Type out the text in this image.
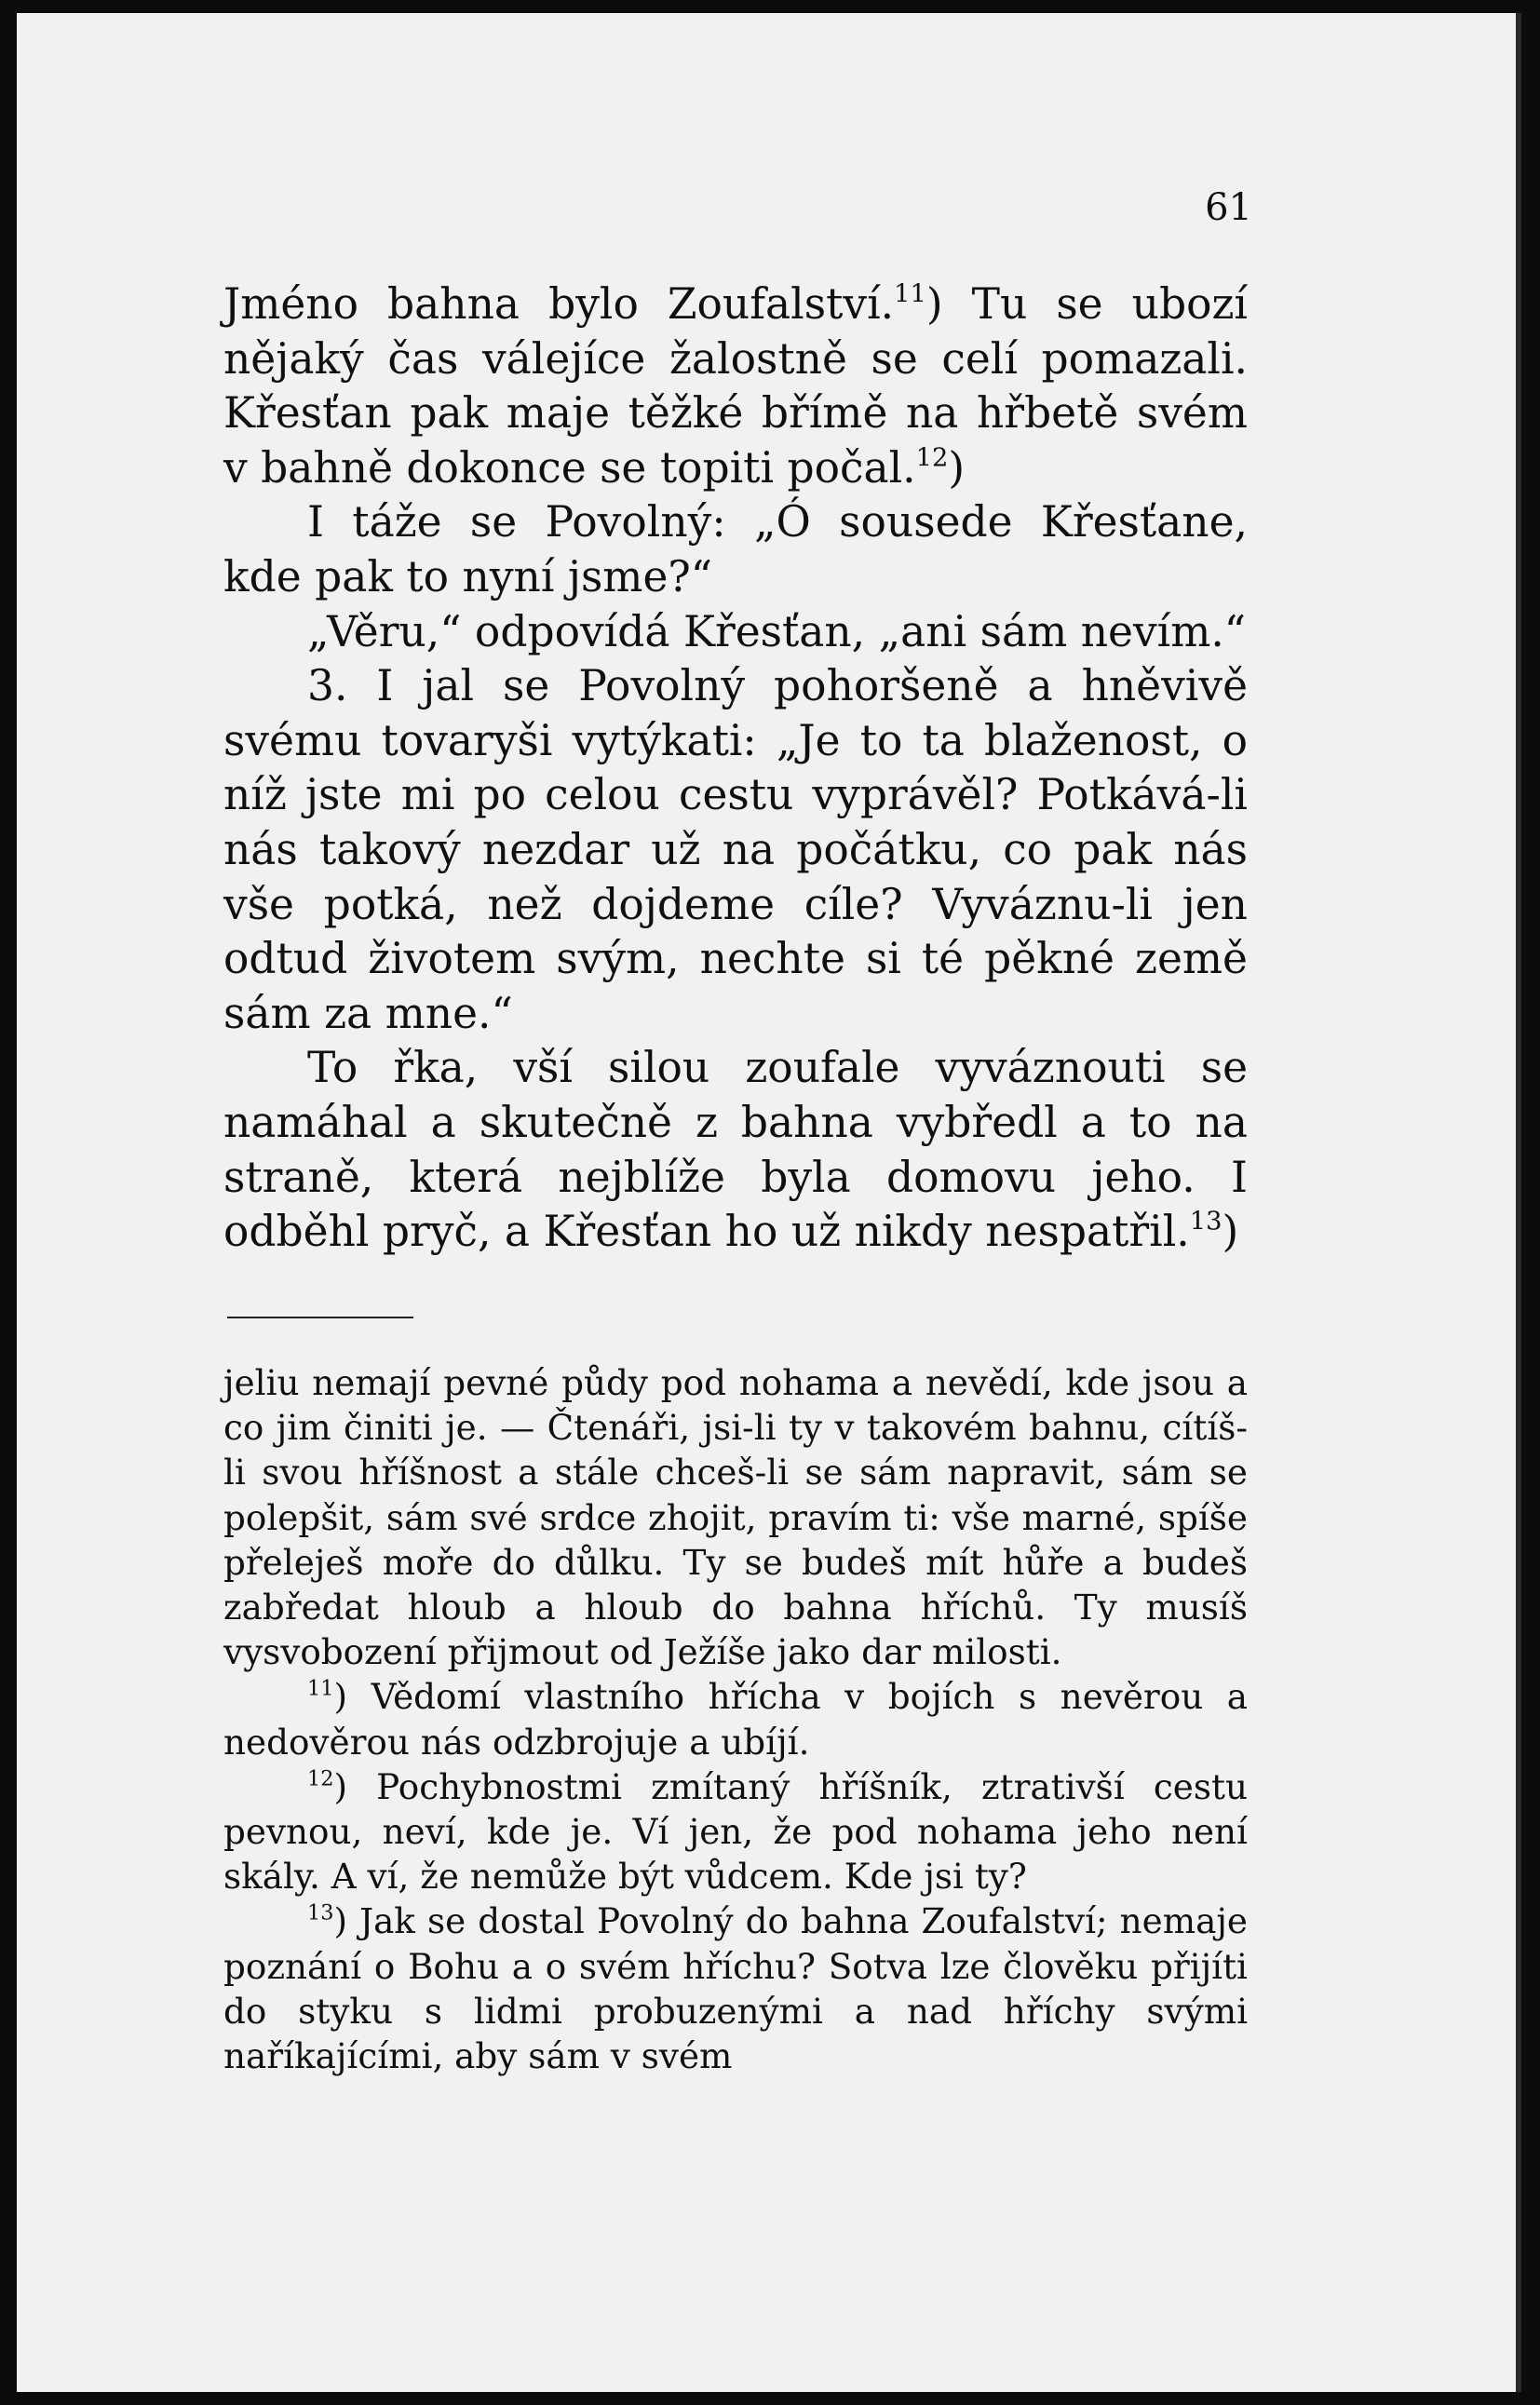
61

Jméno bahna bylo Zoufalství.$^{11}$) Tu se ubozí nějaký čas válejíce žalostně se celí pomazali. Křesťan pak maje těžké břímě na hřbetě svém v bahně dokonce se topiti počal.$^{12}$)

I táže se Povolný: „Ó sousede Křesťane, kde pak to nyní jsme?“

„Věru,“ odpovídá Křesťan, „ani sám nevím.“

3. I jal se Povolný pohoršeně a hněvivě svému tovaryši vytýkati: „Je to ta blaženost, o níž jste mi po celou cestu vyprávěl? Potkává-li nás takový nezdar už na počátku, co pak nás vše potká, než dojdeme cíle? Vyváznu-li jen odtud životem svým, nechte si té pěkné země sám za mne.“

To řka, vší silou zoufale vyváznouti se namáhal a skutečně z bahna vybředl a to na straně, která nejblíže byla domovu jeho. I odběhl pryč, a Křesťan ho už nikdy nespatřil.$^{13}$)

jeliu nemají pevné půdy pod nohama a nevědí, kde jsou a co jim činiti je. — Čtenáři, jsi-li ty v takovém bahnu, cítíš-li svou hříšnost a stále chceš-li se sám napravit, sám se polepšit, sám své srdce zhojit, pravím ti: vše marné, spíše přeleješ moře do důlku. Ty se budeš mít hůře a budeš zabředat hloub a hloub do bahna hříchů. Ty musíš vysvobození přijmout od Ježíše jako dar milosti.

$^{11}$) Vědomí vlastního hřícha v bojích s nevěrou a nedověrou nás odzbrojuje a ubíjí.

$^{12}$) Pochybnostmi zmítaný hříšník, ztrativší cestu pevnou, neví, kde je. Ví jen, že pod nohama jeho není skály. A ví, že nemůže být vůdcem. Kde jsi ty?

$^{13}$) Jak se dostal Povolný do bahna Zoufalství; nemaje poznání o Bohu a o svém hříchu? Sotva lze člověku přijíti do styku s lidmi probuzenými a nad hříchy svými naříkajícími, aby sám v svém
